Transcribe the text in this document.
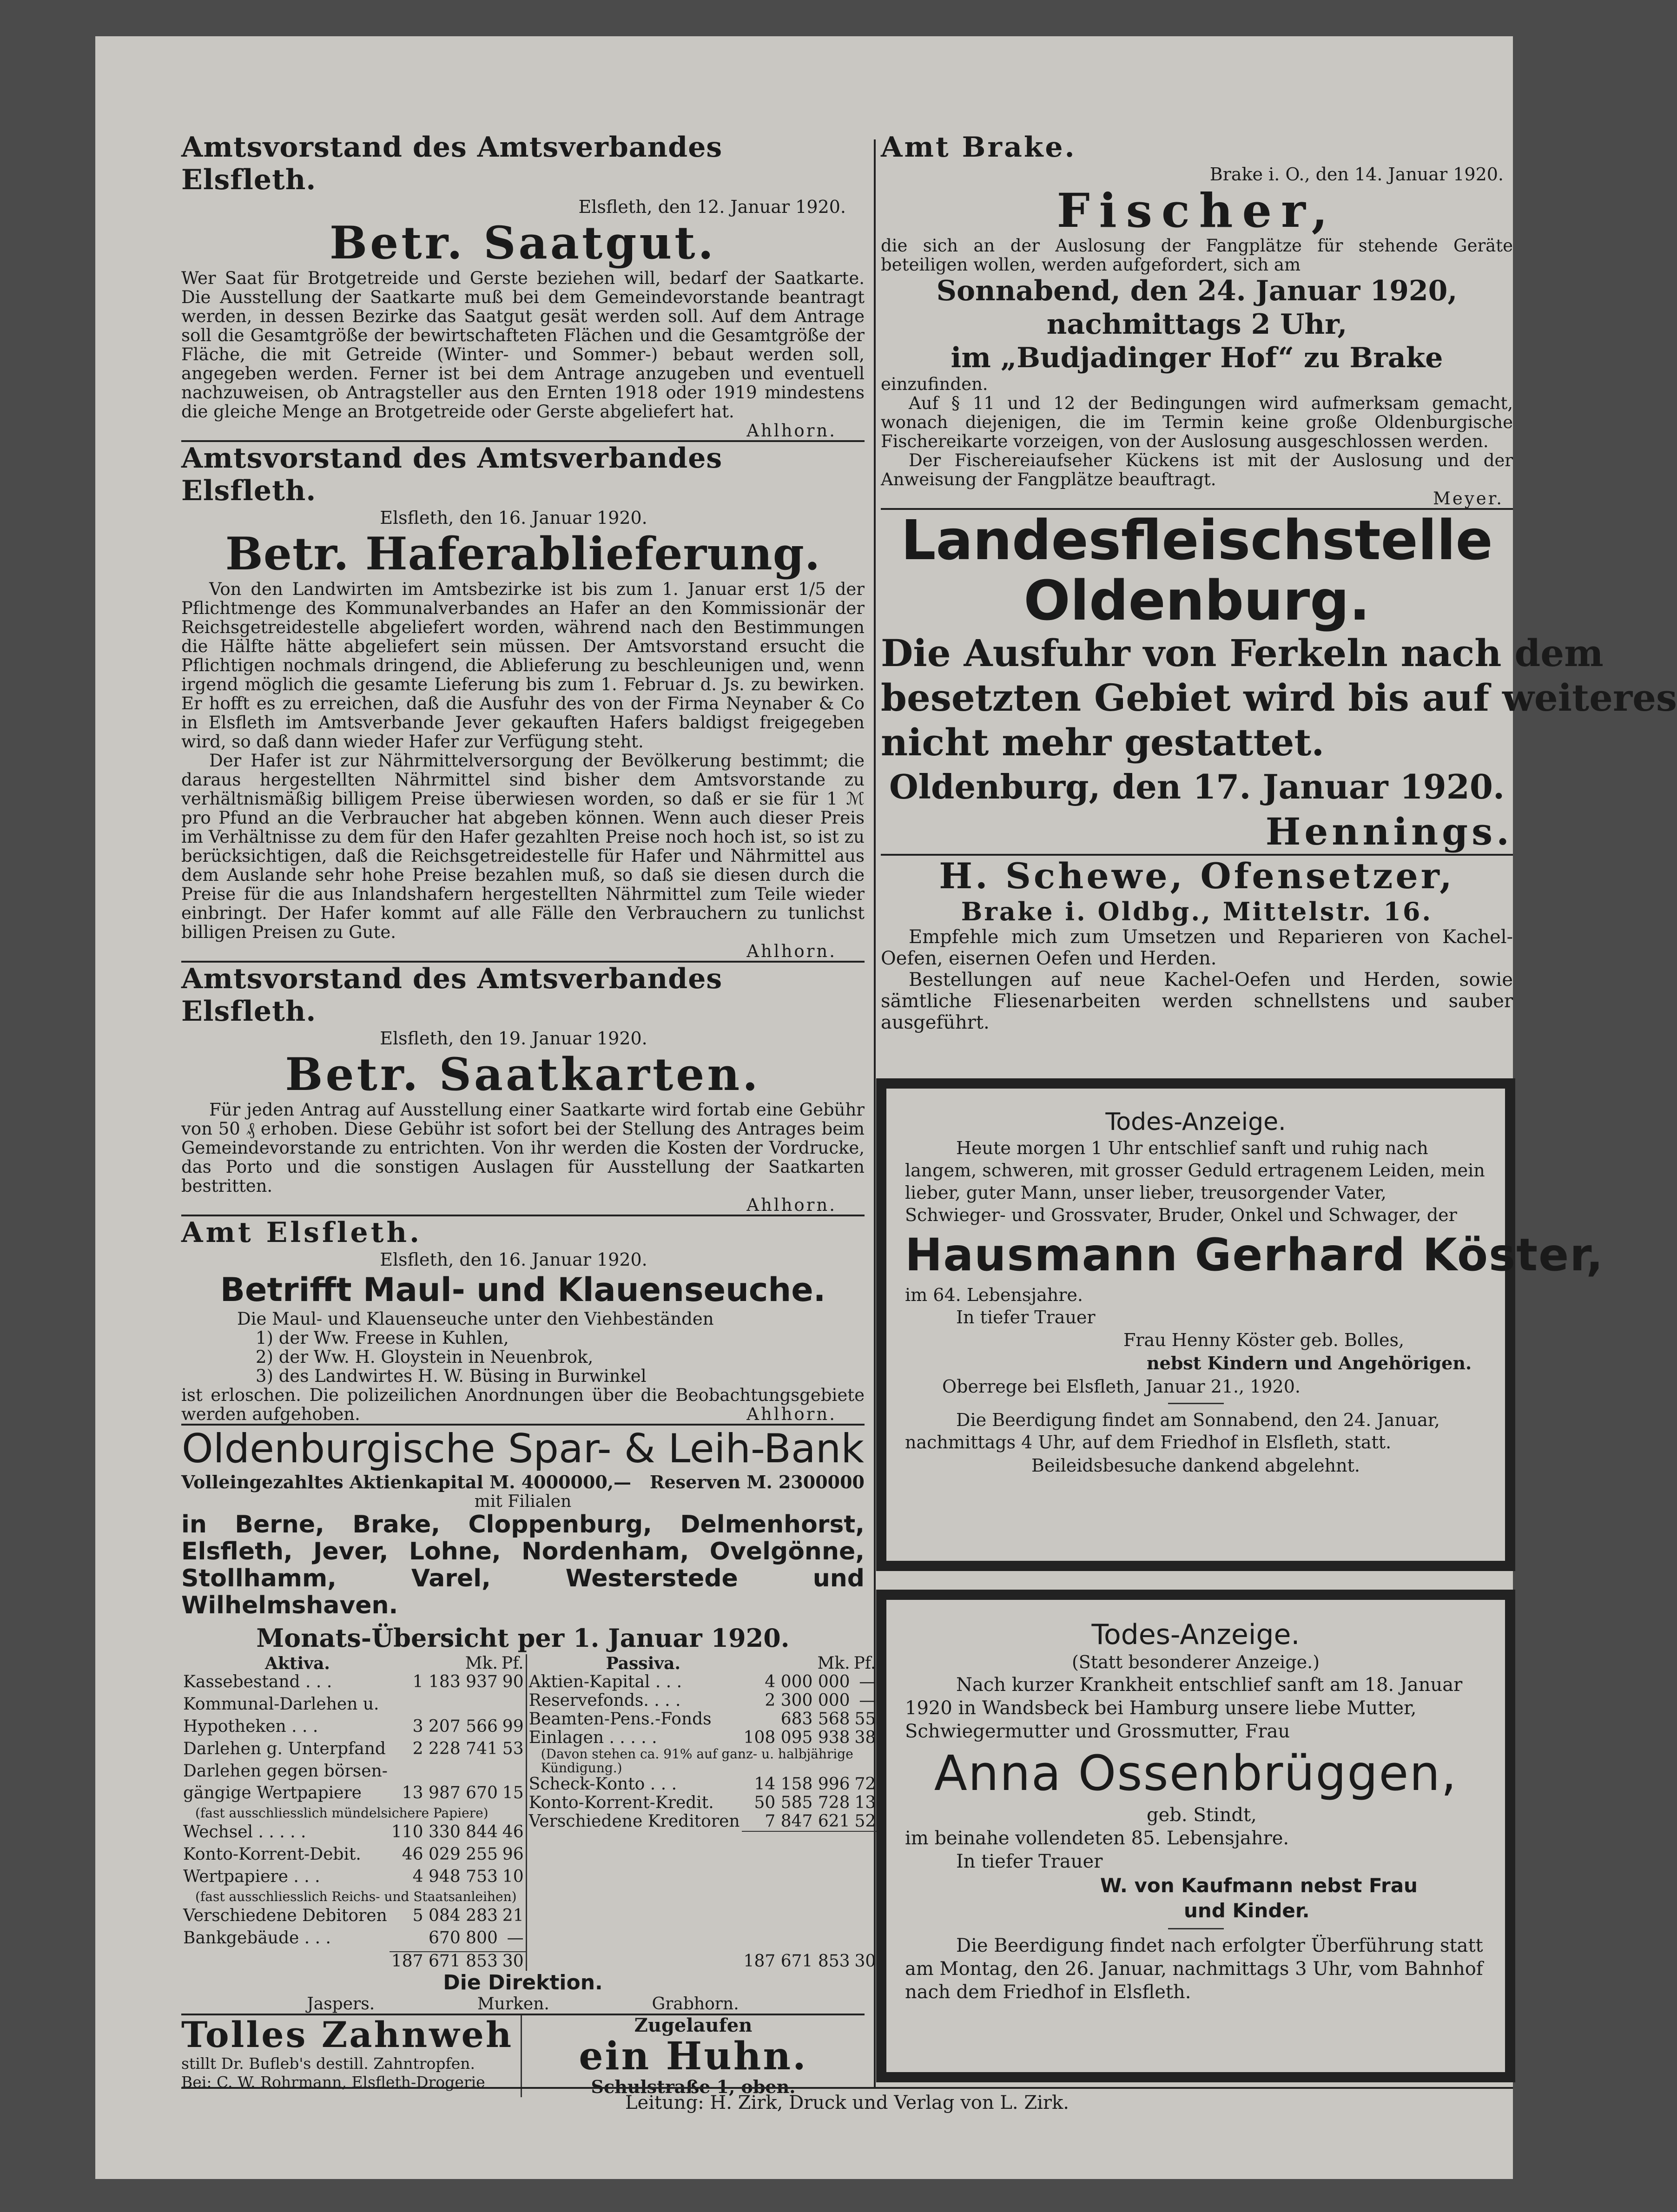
Amtsvorstand des Amtsverbandes Elsfleth.
Elsfleth, den 12. Januar 1920.
Betr. Saatgut.

Wer Saat für Brotgetreide und Gerste beziehen will, bedarf der Saatkarte. Die Ausstellung der Saatkarte muß bei dem Gemeindevorstande beantragt werden, in dessen Bezirke das Saatgut gesät werden soll. Auf dem Antrage soll die Gesamtgröße der bewirtschafteten Flächen und die Gesamtgröße der Fläche, die mit Getreide (Winter- und Sommer-) bebaut werden soll, angegeben werden. Ferner ist bei dem Antrage anzugeben und eventuell nachzuweisen, ob Antragsteller aus den Ernten 1918 oder 1919 mindestens die gleiche Menge an Brotgetreide oder Gerste abgeliefert hat.

Ahlhorn.
Amtsvorstand des Amtsverbandes Elsfleth.
Elsfleth, den 16. Januar 1920.
Betr. Haferablieferung.

Von den Landwirten im Amtsbezirke ist bis zum 1. Januar erst 1/5 der Pflichtmenge des Kommunalverbandes an Hafer an den Kommissionär der Reichsgetreidestelle abgeliefert worden, während nach den Bestimmungen die Hälfte hätte abgeliefert sein müssen. Der Amtsvorstand ersucht die Pflichtigen nochmals dringend, die Ablieferung zu beschleunigen und, wenn irgend möglich die gesamte Lieferung bis zum 1. Februar d. Js. zu bewirken. Er hofft es zu erreichen, daß die Ausfuhr des von der Firma Neynaber & Co in Elsfleth im Amtsverbande Jever gekauften Hafers baldigst freigegeben wird, so daß dann wieder Hafer zur Verfügung steht.

Der Hafer ist zur Nährmittelversorgung der Bevölkerung bestimmt; die daraus hergestellten Nährmittel sind bisher dem Amtsvorstande zu verhältnismäßig billigem Preise überwiesen worden, so daß er sie für 1 ℳ pro Pfund an die Verbraucher hat abgeben können. Wenn auch dieser Preis im Verhältnisse zu dem für den Hafer gezahlten Preise noch hoch ist, so ist zu berücksichtigen, daß die Reichsgetreidestelle für Hafer und Nährmittel aus dem Auslande sehr hohe Preise bezahlen muß, so daß sie diesen durch die Preise für die aus Inlandshafern hergestellten Nährmittel zum Teile wieder einbringt. Der Hafer kommt auf alle Fälle den Verbrauchern zu tunlichst billigen Preisen zu Gute.

Ahlhorn.
Amtsvorstand des Amtsverbandes Elsfleth.
Elsfleth, den 19. Januar 1920.
Betr. Saatkarten.

Für jeden Antrag auf Ausstellung einer Saatkarte wird fortab eine Gebühr von 50 ₰ erhoben. Diese Gebühr ist sofort bei der Stellung des Antrages beim Gemeindevorstande zu entrichten. Von ihr werden die Kosten der Vordrucke, das Porto und die sonstigen Auslagen für Ausstellung der Saatkarten bestritten.

Ahlhorn.
Amt Elsfleth.
Elsfleth, den 16. Januar 1920.
Betrifft Maul- und Klauenseuche.

Die Maul- und Klauenseuche unter den Viehbeständen

1) der Ww. Freese in Kuhlen,

2) der Ww. H. Gloystein in Neuenbrok,

3) des Landwirtes H. W. Büsing in Burwinkel

ist erloschen. Die polizeilichen Anordnungen über die Beobachtungsgebiete werden aufgehoben.	Ahlhorn.
Oldenburgische Spar- & Leih-Bank
Volleingezahltes Aktienkapital M. 4000000,— Reserven M. 2300000
mit Filialen
in Berne, Brake, Cloppenburg, Delmenhorst, Elsfleth, Jever, Lohne, Nordenham, Ovelgönne, Stollhamm, Varel, Westerstede und Wilhelmshaven.
Monats-Übersicht per 1. Januar 1920.
Aktiva.	Mk.	Pf.
Kassebestand . . .	1 183 937	90
Kommunal-Darlehen u.		
Hypotheken . . .	3 207 566	99
Darlehen g. Unterpfand	2 228 741	53
Darlehen gegen börsen-		
gängige Wertpapiere	13 987 670	15
(fast ausschliesslich mündelsichere Papiere)		
Wechsel . . . . .	110 330 844	46
Konto-Korrent-Debit.	46 029 255	96
Wertpapiere . . .	4 948 753	10
(fast ausschliesslich Reichs- und Staatsanleihen)		
Verschiedene Debitoren	5 084 283	21
Bankgebäude . . .	670 800	—
	187 671 853	30
Passiva.	Mk.	Pf.
Aktien-Kapital . . .	4 000 000	—
Reservefonds. . . .	2 300 000	—
Beamten-Pens.-Fonds	683 568	55
Einlagen . . . . .	108 095 938	38
(Davon stehen ca. 91% auf ganz- u. halbjährige Kündigung.)		
Scheck-Konto . . .	14 158 996	72
Konto-Korrent-Kredit.	50 585 728	13
Verschiedene Kreditoren	7 847 621	52
	187 671 853	30
Die Direktion.
Jaspers.	Murken.	Grabhorn.
Tolles Zahnweh
stillt Dr. Bufleb's destill. Zahntropfen.
Bei: C. W. Rohrmann, Elsfleth-Drogerie
Zugelaufen
ein Huhn.
Schulstraße 1, oben.
Amt Brake.
Brake i. O., den 14. Januar 1920.
Fischer,

die sich an der Auslosung der Fangplätze für stehende Geräte beteiligen wollen, werden aufgefordert, sich am

Sonnabend, den 24. Januar 1920,
nachmittags 2 Uhr,
im „Budjadinger Hof“ zu Brake

einzufinden.

Auf § 11 und 12 der Bedingungen wird aufmerksam gemacht, wonach diejenigen, die im Termin keine große Oldenburgische Fischereikarte vorzeigen, von der Auslosung ausgeschlossen werden.

Der Fischereiaufseher Kückens ist mit der Auslosung und der Anweisung der Fangplätze beauftragt.

Meyer.
Landesfleischstelle
Oldenburg.
Die Ausfuhr von Ferkeln nach dem
besetzten Gebiet wird bis auf weiteres
nicht mehr gestattet.
Oldenburg, den 17. Januar 1920.
Hennings.
H. Schewe, Ofensetzer,
Brake i. Oldbg., Mittelstr. 16.

Empfehle mich zum Umsetzen und Reparieren von Kachel-Oefen, eisernen Oefen und Herden.

Bestellungen auf neue Kachel-Oefen und Herden, sowie sämtliche Fliesenarbeiten werden schnellstens und sauber ausgeführt.

Todes-Anzeige.

Heute morgen 1 Uhr entschlief sanft und ruhig nach langem, schweren, mit grosser Geduld ertragenem Leiden, mein lieber, guter Mann, unser lieber, treusorgender Vater, Schwieger- und Grossvater, Bruder, Onkel und Schwager, der

Hausmann Gerhard Köster,
im 64. Lebensjahre.
In tiefer Trauer
Frau Henny Köster geb. Bolles,
nebst Kindern und Angehörigen.
Oberrege bei Elsfleth, Januar 21., 1920.

Die Beerdigung findet am Sonnabend, den 24. Januar, nachmittags 4 Uhr, auf dem Friedhof in Elsfleth, statt.

Beileidsbesuche dankend abgelehnt.
Todes-Anzeige.
(Statt besonderer Anzeige.)

Nach kurzer Krankheit entschlief sanft am 18. Januar 1920 in Wandsbeck bei Hamburg unsere liebe Mutter, Schwiegermutter und Grossmutter, Frau

Anna Ossenbrüggen,
geb. Stindt,
im beinahe vollendeten 85. Lebensjahre.
In tiefer Trauer
W. von Kaufmann nebst Frau
und Kinder.

Die Beerdigung findet nach erfolgter Überführung statt am Montag, den 26. Januar, nachmittags 3 Uhr, vom Bahnhof nach dem Friedhof in Elsfleth.

Leitung: H. Zirk, Druck und Verlag von L. Zirk.
